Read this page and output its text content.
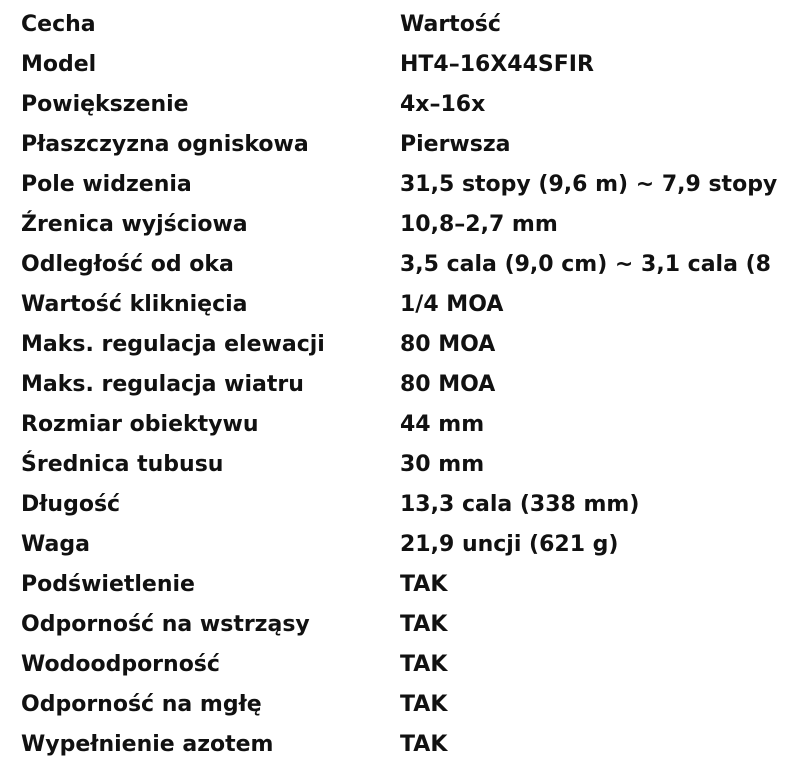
Cecha	Wartość
Model	HT4–16X44SFIR
Powiększenie	4x–16x
Płaszczyzna ogniskowa	Pierwsza
Pole widzenia	31,5 stopy (9,6 m) ~ 7,9 stopy
Źrenica wyjściowa	10,8–2,7 mm
Odległość od oka	3,5 cala (9,0 cm) ~ 3,1 cala (8
Wartość kliknięcia	1/4 MOA
Maks. regulacja elewacji	80 MOA
Maks. regulacja wiatru	80 MOA
Rozmiar obiektywu	44 mm
Średnica tubusu	30 mm
Długość	13,3 cala (338 mm)
Waga	21,9 uncji (621 g)
Podświetlenie	TAK
Odporność na wstrząsy	TAK
Wodoodporność	TAK
Odporność na mgłę	TAK
Wypełnienie azotem	TAK
